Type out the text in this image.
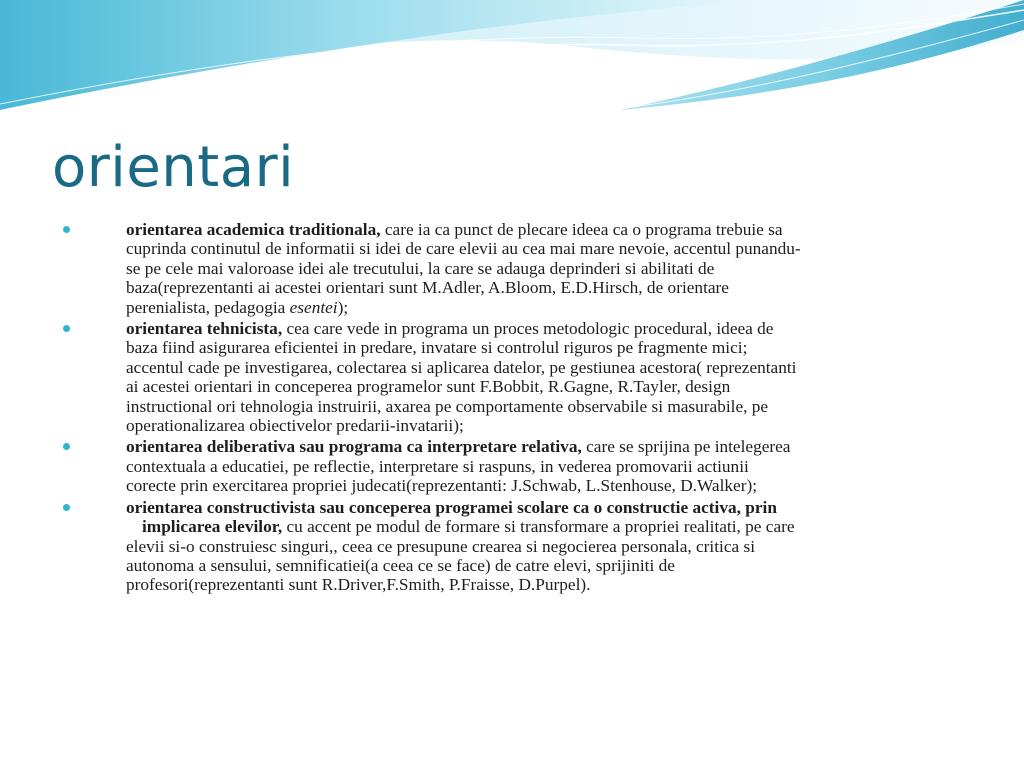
orientari
orientarea academica traditionala, care ia ca punct de plecare ideea ca o programa trebuie sa
cuprinda continutul de informatii si idei de care elevii au cea mai mare nevoie, accentul punandu-
se pe cele mai valoroase idei ale trecutului, la care se adauga deprinderi si abilitati de
baza(reprezentanti ai acestei orientari sunt M.Adler, A.Bloom, E.D.Hirsch, de orientare
perenialista, pedagogia esentei);
orientarea tehnicista, cea care vede in programa un proces metodologic procedural, ideea de
baza fiind asigurarea eficientei in predare, invatare si controlul riguros pe fragmente mici;
accentul cade pe investigarea, colectarea si aplicarea datelor, pe gestiunea acestora( reprezentanti
ai acestei orientari in conceperea programelor sunt F.Bobbit, R.Gagne, R.Tayler, design
instructional ori tehnologia instruirii, axarea pe comportamente observabile si masurabile, pe
operationalizarea obiectivelor predarii-invatarii);
orientarea deliberativa sau programa ca interpretare relativa, care se sprijina pe intelegerea
contextuala a educatiei, pe reflectie, interpretare si raspuns, in vederea promovarii actiunii
corecte prin exercitarea propriei judecati(reprezentanti: J.Schwab, L.Stenhouse, D.Walker);
orientarea constructivista sau conceperea programei scolare ca o constructie activa, prin
implicarea elevilor, cu accent pe modul de formare si transformare a propriei realitati, pe care
elevii si-o construiesc singuri,, ceea ce presupune crearea si negocierea personala, critica si
autonoma a sensului, semnificatiei(a ceea ce se face) de catre elevi, sprijiniti de
profesori(reprezentanti sunt R.Driver,F.Smith, P.Fraisse, D.Purpel).
